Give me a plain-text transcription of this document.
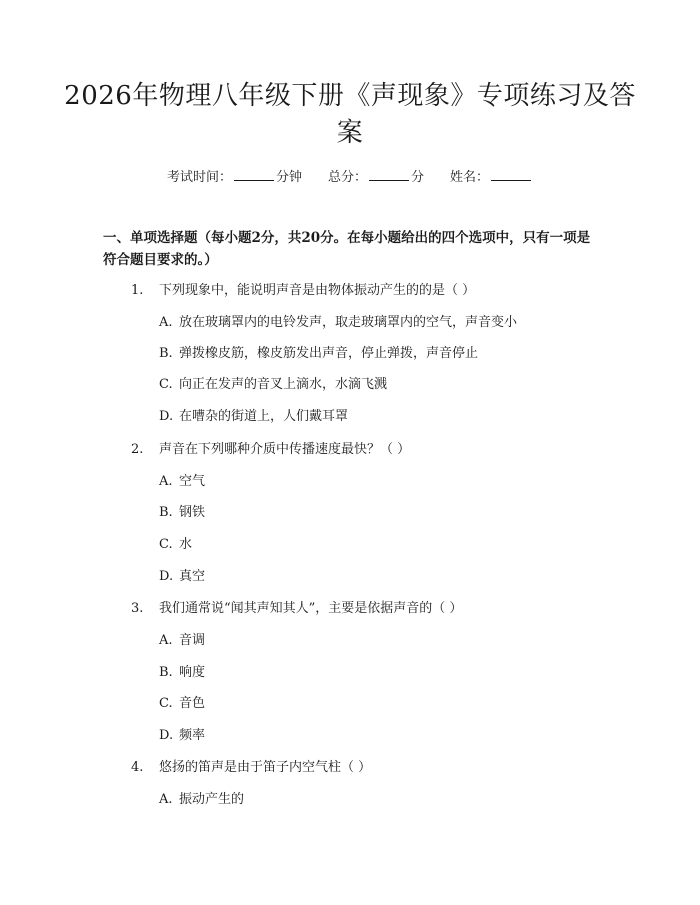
2026年物理八年级下册《声现象》专项练习及答案
考试时间：	分钟 总分：	分 姓名：
一、单项选择题（每小题2分，共20分。在每小题给出的四个选项中，只有一项是符合题目要求的。）
1. 下列现象中，能说明声音是由物体振动产生的的是（ ）
A. 放在玻璃罩内的电铃发声，取走玻璃罩内的空气，声音变小
B. 弹拨橡皮筋，橡皮筋发出声音，停止弹拨，声音停止
C. 向正在发声的音叉上滴水，水滴飞溅
D. 在嘈杂的街道上，人们戴耳罩
2. 声音在下列哪种介质中传播速度最快？（ ）
A. 空气
B. 钢铁
C. 水
D. 真空
3. 我们通常说“闻其声知其人”，主要是依据声音的（ ）
A. 音调
B. 响度
C. 音色
D. 频率
4. 悠扬的笛声是由于笛子内空气柱（ ）
A. 振动产生的
